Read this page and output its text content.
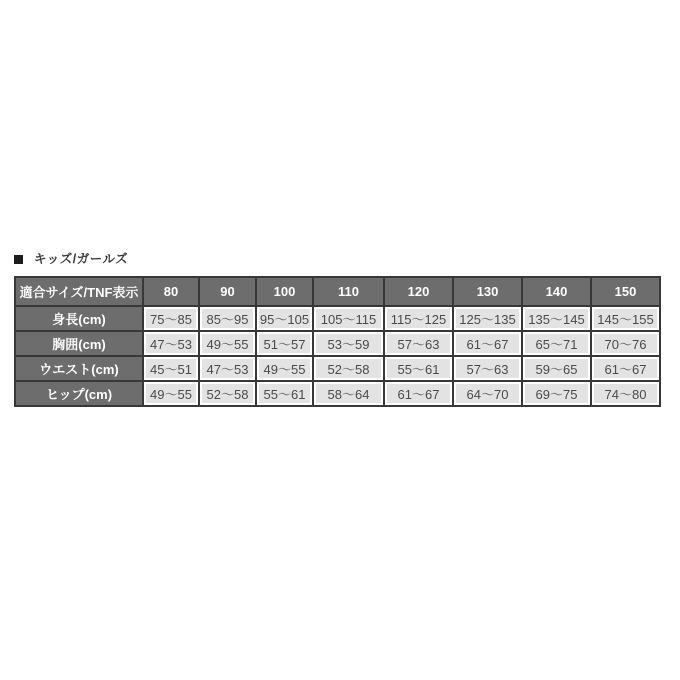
キッズ/ガールズ
適合サイズ/TNF表示	80	90	100	110	120	130	140	150
身長(cm)	75〜85	85〜95	95〜105	105〜115	115〜125	125〜135	135〜145	145〜155
胸囲(cm)	47〜53	49〜55	51〜57	53〜59	57〜63	61〜67	65〜71	70〜76
ウエスト(cm)	45〜51	47〜53	49〜55	52〜58	55〜61	57〜63	59〜65	61〜67
ヒップ(cm)	49〜55	52〜58	55〜61	58〜64	61〜67	64〜70	69〜75	74〜80
